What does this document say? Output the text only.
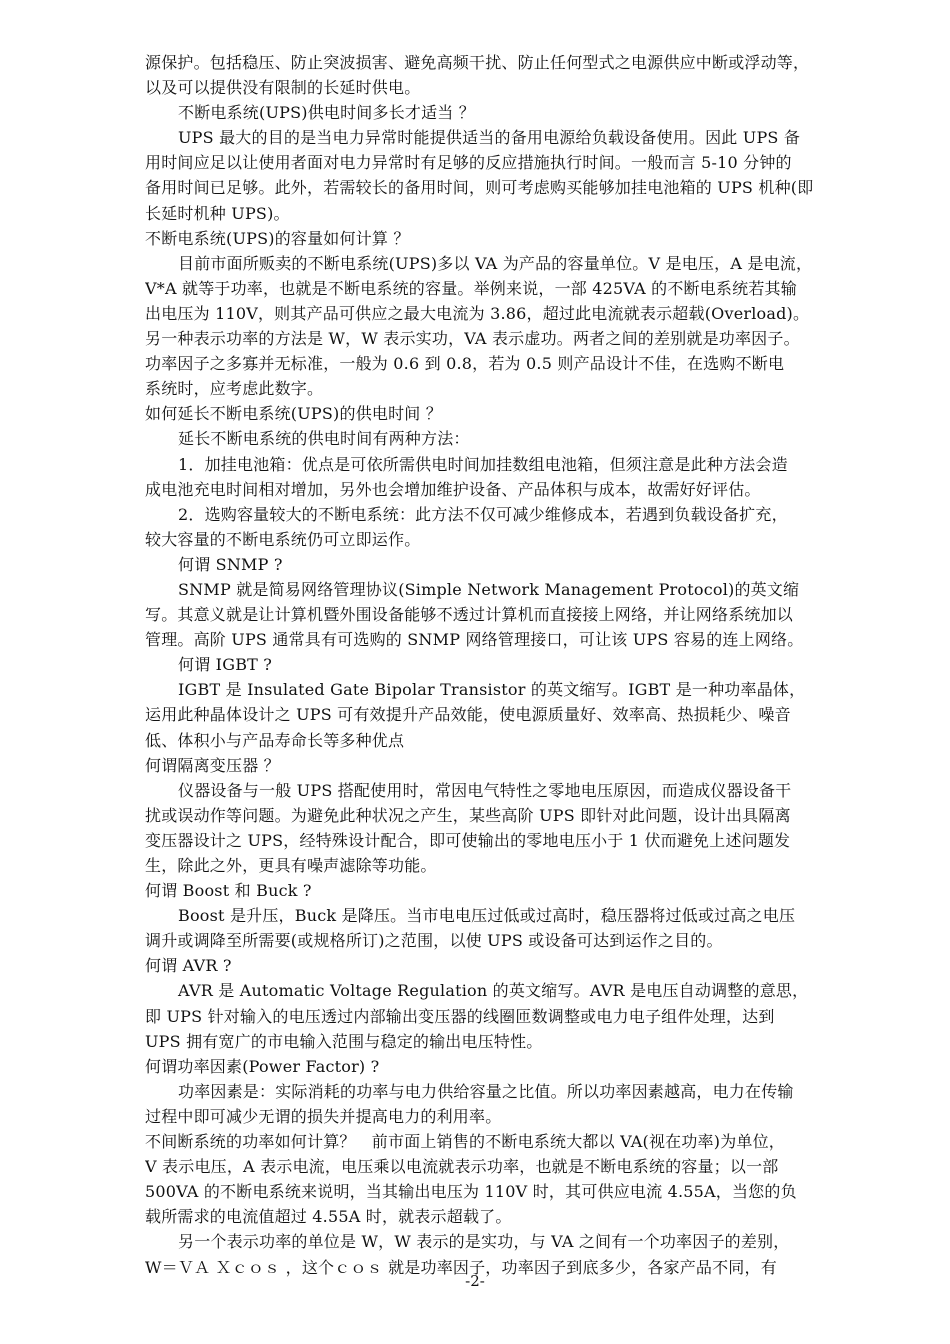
源保护。包括稳压、防止突波损害、避免高频干扰、防止任何型式之电源供应中断或浮动等，
以及可以提供没有限制的长延时供电。
不断电系统(UPS)供电时间多长才适当 ？
UPS 最大的目的是当电力异常时能提供适当的备用电源给负载设备使用。因此 UPS 备
用时间应足以让使用者面对电力异常时有足够的反应措施执行时间。一般而言 5-10 分钟的
备用时间已足够。此外，若需较长的备用时间，则可考虑购买能够加挂电池箱的 UPS 机种(即
长延时机种 UPS)。
不断电系统(UPS)的容量如何计算 ？
目前市面所贩卖的不断电系统(UPS)多以 VA 为产品的容量单位。V 是电压，A 是电流，
V*A 就等于功率，也就是不断电系统的容量。举例来说，一部 425VA 的不断电系统若其输
出电压为 110V，则其产品可供应之最大电流为 3.86，超过此电流就表示超载(Overload)。
另一种表示功率的方法是 W，W 表示实功，VA 表示虚功。两者之间的差别就是功率因子。
功率因子之多寡并无标准，一般为 0.6 到 0.8，若为 0.5 则产品设计不佳，在选购不断电
系统时，应考虑此数字。
如何延长不断电系统(UPS)的供电时间 ？
延长不断电系统的供电时间有两种方法：
1．加挂电池箱：优点是可依所需供电时间加挂数组电池箱，但须注意是此种方法会造
成电池充电时间相对增加，另外也会增加维护设备、产品体积与成本，故需好好评估。
2．选购容量较大的不断电系统：此方法不仅可减少维修成本，若遇到负载设备扩充，
较大容量的不断电系统仍可立即运作。
何谓 SNMP ?
SNMP 就是简易网络管理协议(Simple Network Management Protocol)的英文缩
写。其意义就是让计算机暨外围设备能够不透过计算机而直接接上网络，并让网络系统加以
管理。高阶 UPS 通常具有可选购的 SNMP 网络管理接口，可让该 UPS 容易的连上网络。
何谓 IGBT ?
IGBT 是 Insulated Gate Bipolar Transistor 的英文缩写。IGBT 是一种功率晶体，
运用此种晶体设计之 UPS 可有效提升产品效能，使电源质量好、效率高、热损耗少、噪音
低、体积小与产品寿命长等多种优点
何谓隔离变压器 ？
仪器设备与一般 UPS 搭配使用时，常因电气特性之零地电压原因，而造成仪器设备干
扰或误动作等问题。为避免此种状况之产生，某些高阶 UPS 即针对此问题，设计出具隔离
变压器设计之 UPS，经特殊设计配合，即可使输出的零地电压小于 1 伏而避免上述问题发
生，除此之外，更具有噪声滤除等功能。
何谓 Boost 和 Buck ?
Boost 是升压，Buck 是降压。当市电电压过低或过高时，稳压器将过低或过高之电压
调升或调降至所需要(或规格所订)之范围，以使 UPS 或设备可达到运作之目的。
何谓 AVR ?
AVR 是 Automatic Voltage Regulation 的英文缩写。AVR 是电压自动调整的意思，
即 UPS 针对输入的电压透过内部输出变压器的线圈匝数调整或电力电子组件处理，达到
UPS 拥有宽广的市电输入范围与稳定的输出电压特性。
何谓功率因素(Power Factor) ?
功率因素是：实际消耗的功率与电力供给容量之比值。所以功率因素越高，电力在传输
过程中即可减少无谓的损失并提高电力的利用率。
不间断系统的功率如何计算？　前市面上销售的不断电系统大都以 VA(视在功率)为单位，
V 表示电压，A 表示电流，电压乘以电流就表示功率，也就是不断电系统的容量；以一部
500VA 的不断电系统来说明，当其输出电压为 110V 时，其可供应电流 4.55A，当您的负
载所需求的电流值超过 4.55A 时，就表示超载了。
另一个表示功率的单位是 W，W 表示的是实功，与 VA 之间有一个功率因子的差别，
W＝ＶＡ Ｘｃｏｓ ，这个ｃｏｓ 就是功率因子，功率因子到底多少，各家产品不同，有
-2-
